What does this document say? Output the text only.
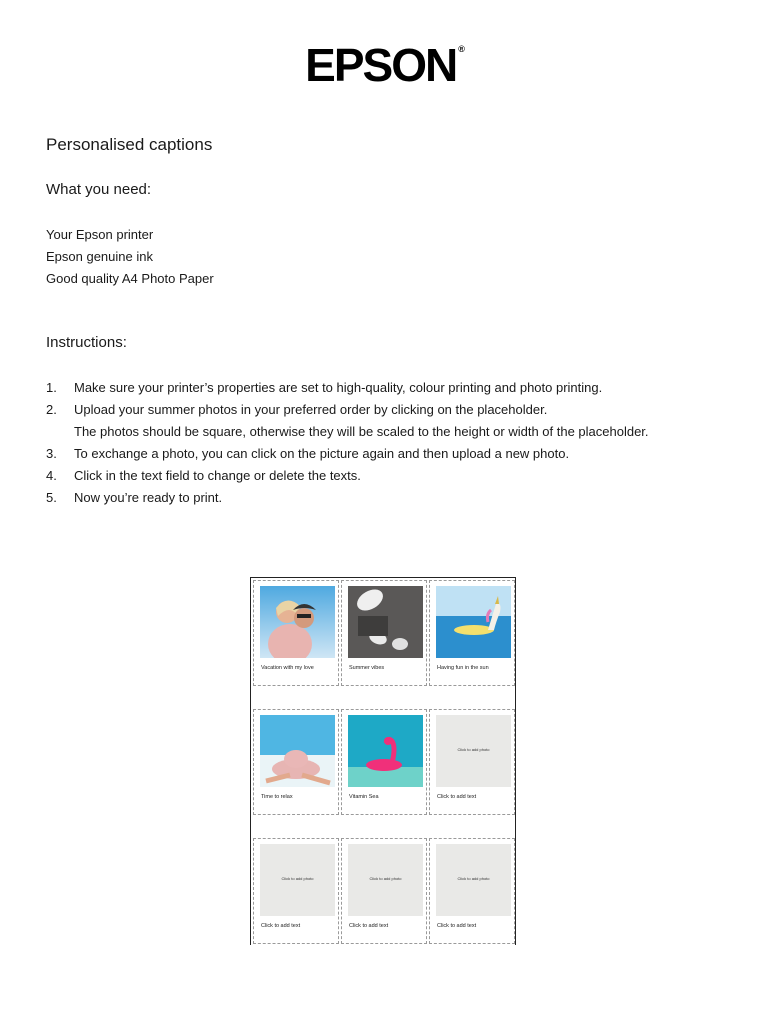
EPSON ®
Personalised captions
What you need:
Your Epson printer
Epson genuine ink
Good quality A4 Photo Paper
Instructions:
1.	Make sure your printer’s properties are set to high-quality, colour printing and photo printing.
2.	Upload your summer photos in your preferred order by clicking on the placeholder.
The photos should be square, otherwise they will be scaled to the height or width of the placeholder.
3.	To exchange a photo, you can click on the picture again and then upload a new photo.
4.	Click in the text field to change or delete the texts.
5.	Now you’re ready to print.
Vacation with my love	Summer vibes	Having fun in the sun
Time to relax	Vitamin Sea
Click to add photo
Click to add text
Click to add photo
Click to add text
Click to add photo
Click to add text
Click to add photo
Click to add text
